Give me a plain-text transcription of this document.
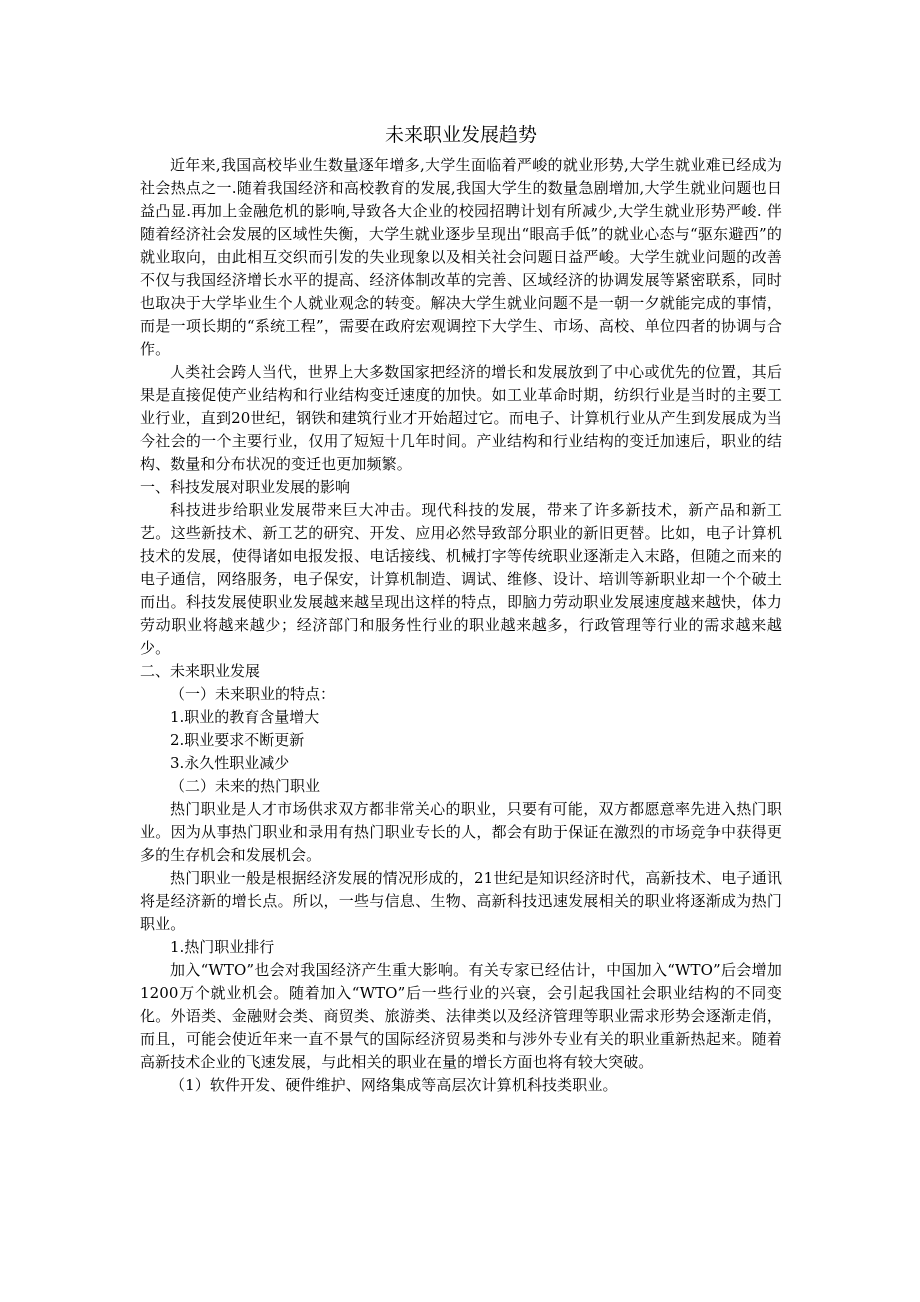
未来职业发展趋势

近年来,我国高校毕业生数量逐年增多,大学生面临着严峻的就业形势,大学生就业难已经成为社会热点之一.随着我国经济和高校教育的发展,我国大学生的数量急剧增加,大学生就业问题也日益凸显.再加上金融危机的影响,导致各大企业的校园招聘计划有所减少,大学生就业形势严峻. 伴随着经济社会发展的区域性失衡，大学生就业逐步呈现出“眼高手低”的就业心态与“驱东避西”的就业取向，由此相互交织而引发的失业现象以及相关社会问题日益严峻。大学生就业问题的改善不仅与我国经济增长水平的提高、经济体制改革的完善、区域经济的协调发展等紧密联系，同时也取决于大学毕业生个人就业观念的转变。解决大学生就业问题不是一朝一夕就能完成的事情，而是一项长期的“系统工程”，需要在政府宏观调控下大学生、市场、高校、单位四者的协调与合作。

人类社会跨人当代，世界上大多数国家把经济的增长和发展放到了中心或优先的位置，其后果是直接促使产业结构和行业结构变迁速度的加快。如工业革命时期，纺织行业是当时的主要工业行业，直到20世纪，钢铁和建筑行业才开始超过它。而电子、计算机行业从产生到发展成为当今社会的一个主要行业，仅用了短短十几年时间。产业结构和行业结构的变迁加速后，职业的结构、数量和分布状况的变迁也更加频繁。

一、科技发展对职业发展的影响

科技进步给职业发展带来巨大冲击。现代科技的发展，带来了许多新技术，新产品和新工艺。这些新技术、新工艺的研究、开发、应用必然导致部分职业的新旧更替。比如，电子计算机技术的发展，使得诸如电报发报、电话接线、机械打字等传统职业逐渐走入末路，但随之而来的电子通信，网络服务，电子保安，计算机制造、调试、维修、设计、培训等新职业却一个个破土而出。科技发展使职业发展越来越呈现出这样的特点，即脑力劳动职业发展速度越来越快，体力劳动职业将越来越少；经济部门和服务性行业的职业越来越多，行政管理等行业的需求越来越少。

二、未来职业发展

（一）未来职业的特点：

1.职业的教育含量增大

2.职业要求不断更新

3.永久性职业减少

（二）未来的热门职业

热门职业是人才市场供求双方都非常关心的职业，只要有可能，双方都愿意率先进入热门职业。因为从事热门职业和录用有热门职业专长的人，都会有助于保证在激烈的市场竞争中获得更多的生存机会和发展机会。

热门职业一般是根据经济发展的情况形成的，21世纪是知识经济时代，高新技术、电子通讯将是经济新的增长点。所以，一些与信息、生物、高新科技迅速发展相关的职业将逐渐成为热门职业。

1.热门职业排行

加入“WTO”也会对我国经济产生重大影响。有关专家已经估计，中国加入“WTO”后会增加1200万个就业机会。随着加入“WTO”后一些行业的兴衰，会引起我国社会职业结构的不同变化。外语类、金融财会类、商贸类、旅游类、法律类以及经济管理等职业需求形势会逐渐走俏，而且，可能会使近年来一直不景气的国际经济贸易类和与涉外专业有关的职业重新热起来。随着高新技术企业的飞速发展，与此相关的职业在量的增长方面也将有较大突破。

（1）软件开发、硬件维护、网络集成等高层次计算机科技类职业。
